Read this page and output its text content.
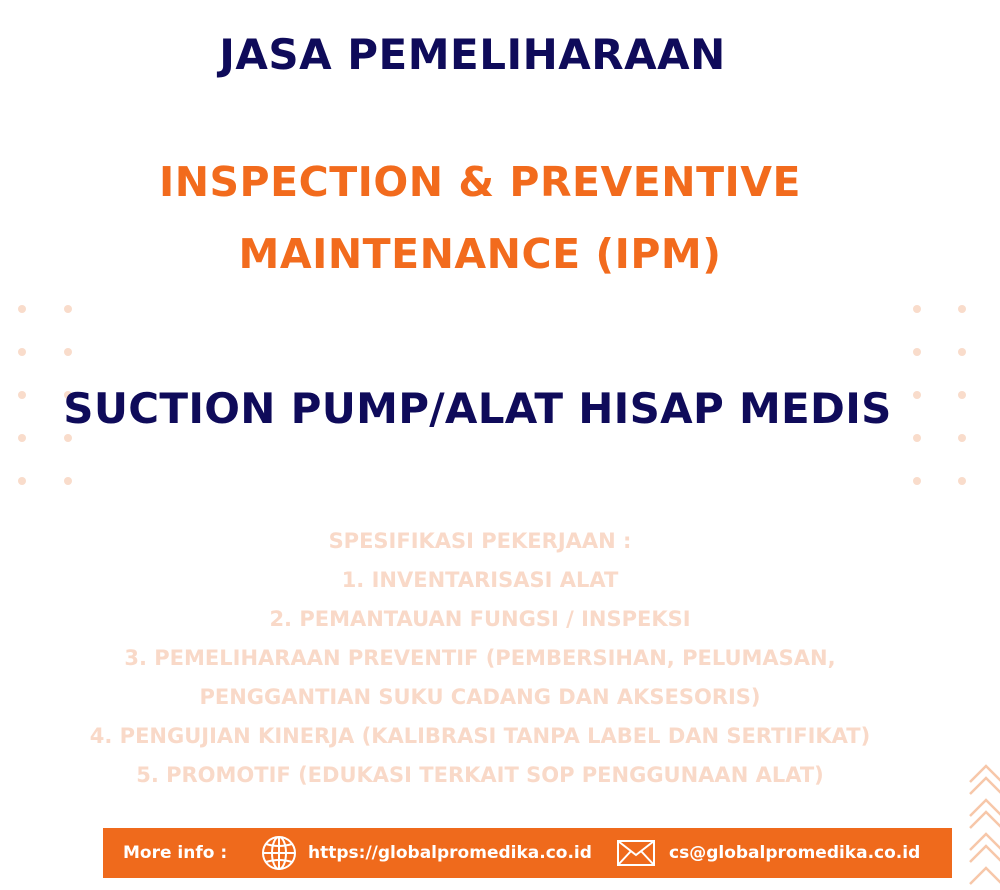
JASA PEMELIHARAAN
INSPECTION & PREVENTIVE
MAINTENANCE (IPM)
SUCTION PUMP/ALAT HISAP MEDIS
SPESIFIKASI PEKERJAAN :
1. INVENTARISASI ALAT
2. PEMANTAUAN FUNGSI / INSPEKSI
3. PEMELIHARAAN PREVENTIF (PEMBERSIHAN, PELUMASAN,
PENGGANTIAN SUKU CADANG DAN AKSESORIS)
4. PENGUJIAN KINERJA (KALIBRASI TANPA LABEL DAN SERTIFIKAT)
5. PROMOTIF (EDUKASI TERKAIT SOP PENGGUNAAN ALAT)
More info :	https://globalpromedika.co.id	cs@globalpromedika.co.id
